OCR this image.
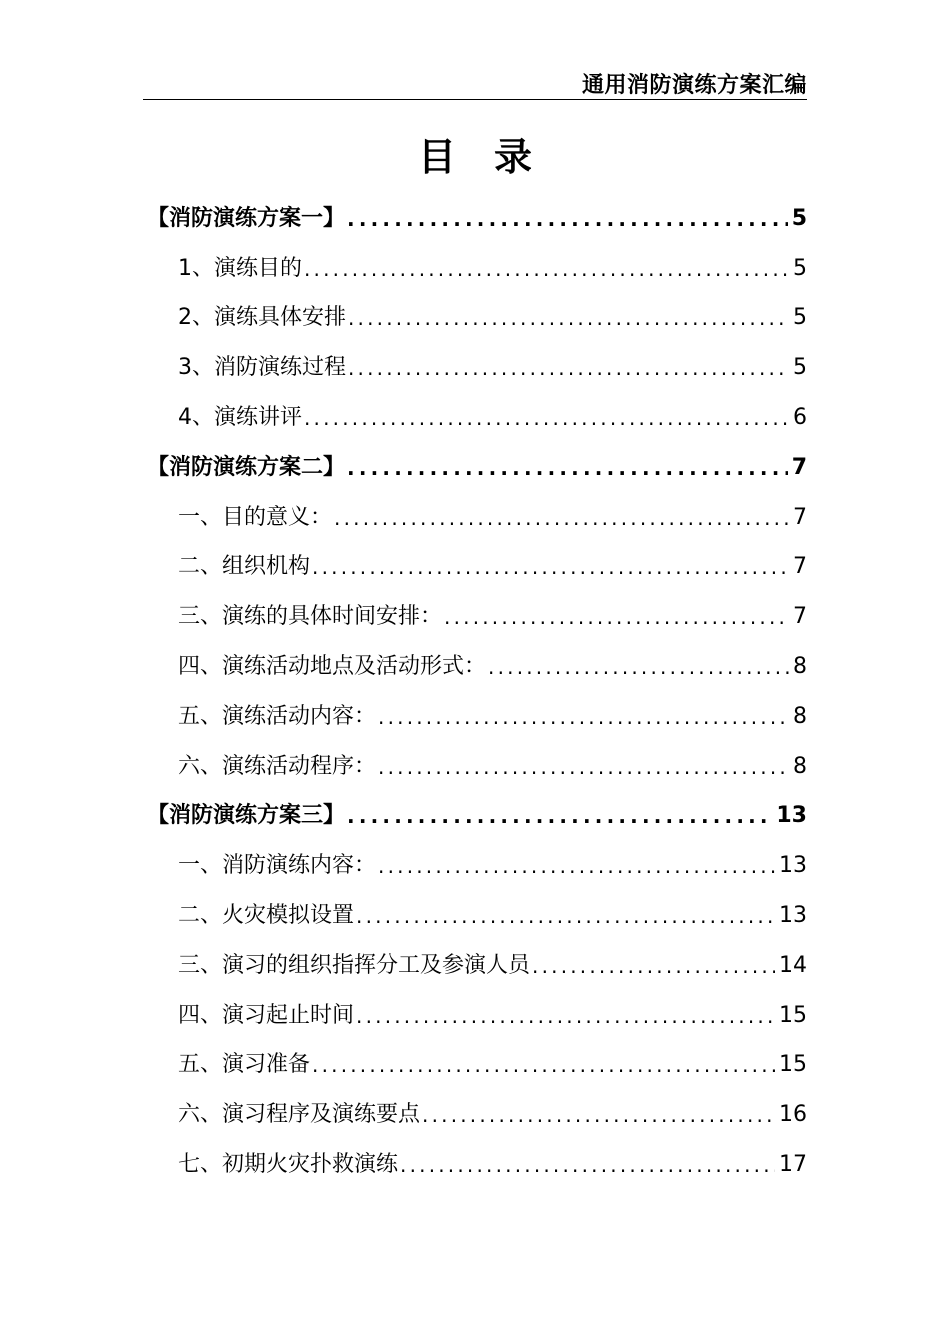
通用消防演练方案汇编
目录
【消防演练方案一】 .....	5
1、演练目的 .....	5
2、演练具体安排 .....	5
3、消防演练过程 .....	5
4、演练讲评 .....	6
【消防演练方案二】 .....	7
一、目的意义： .....	7
二、组织机构 .....	7
三、演练的具体时间安排： .....	7
四、演练活动地点及活动形式： .....	8
五、演练活动内容： .....	8
六、演练活动程序： .....	8
【消防演练方案三】 .....	13
一、消防演练内容： .....	13
二、火灾模拟设置 .....	13
三、演习的组织指挥分工及参演人员 .....	14
四、演习起止时间 .....	15
五、演习准备 .....	15
六、演习程序及演练要点 .....	16
七、初期火灾扑救演练 .....	17
